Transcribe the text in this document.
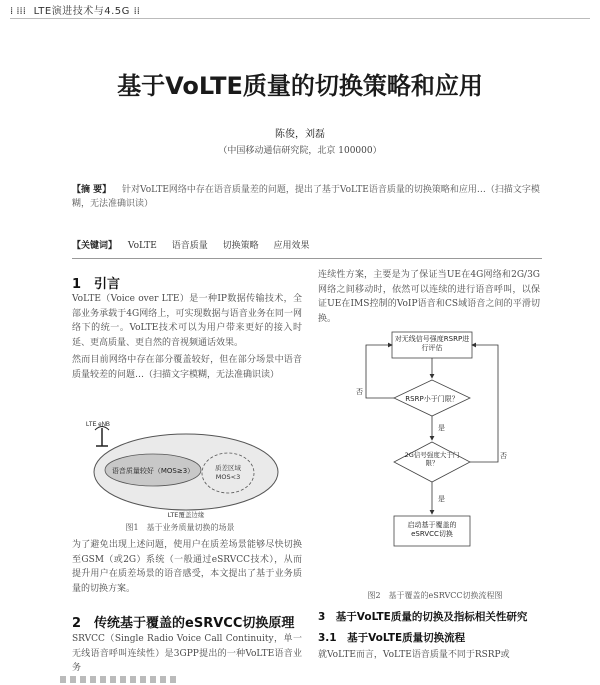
⁞ ⁞⁞⁞ LTE演进技术与4.5G ⁞⁞
基于VoLTE质量的切换策略和应用
陈俊，刘磊
（中国移动通信研究院，北京 100000）
【摘 要】 针对VoLTE网络中存在语音质量差的问题，提出了基于VoLTE语音质量的切换策略和应用…（扫描文字模糊，无法准确识读）
【关键词】 VoLTE 语音质量 切换策略 应用效果
1　引言
VoLTE（Voice over LTE）是一种IP数据传输技术，全部业务承载于4G网络上，可实现数据与语音业务在同一网络下的统一。VoLTE技术可以为用户带来更好的接入时延、更高质量、更自然的音视频通话效果。
然而目前网络中存在部分覆盖较好，但在部分场景中语音质量较差的问题…（扫描文字模糊，无法准确识读）
LTE eNB
语音质量较好（MOS≥3）	质差区域
MOS<3
LTE覆盖边缘
图1　基于业务质量切换的场景
为了避免出现上述问题，使用户在质差场景能够尽快切换至GSM（或2G）系统（一般通过eSRVCC技术），从而提升用户在质差场景的语音感受，本文提出了基于业务质量的切换方案。
2　传统基于覆盖的eSRVCC切换原理
SRVCC（Single Radio Voice Call Continuity，单一无线语音呼叫连续性）是3GPP提出的一种VoLTE语音业务
连续性方案，主要是为了保证当UE在4G网络和2G/3G网络之间移动时，依然可以连续的进行语音呼叫，以保证UE在IMS控制的VoIP语音和CS域语音之间的平滑切换。
对无线信号强度RSRP进行评估
RSRP小于门限？
是
2G信号强度大于门限？
是
启动基于覆盖的eSRVCC切换
否
否
图2　基于覆盖的eSRVCC切换流程图
3　基于VoLTE质量的切换及指标相关性研究
3.1　基于VoLTE质量切换流程
就VoLTE而言，VoLTE语音质量不同于RSRP或
